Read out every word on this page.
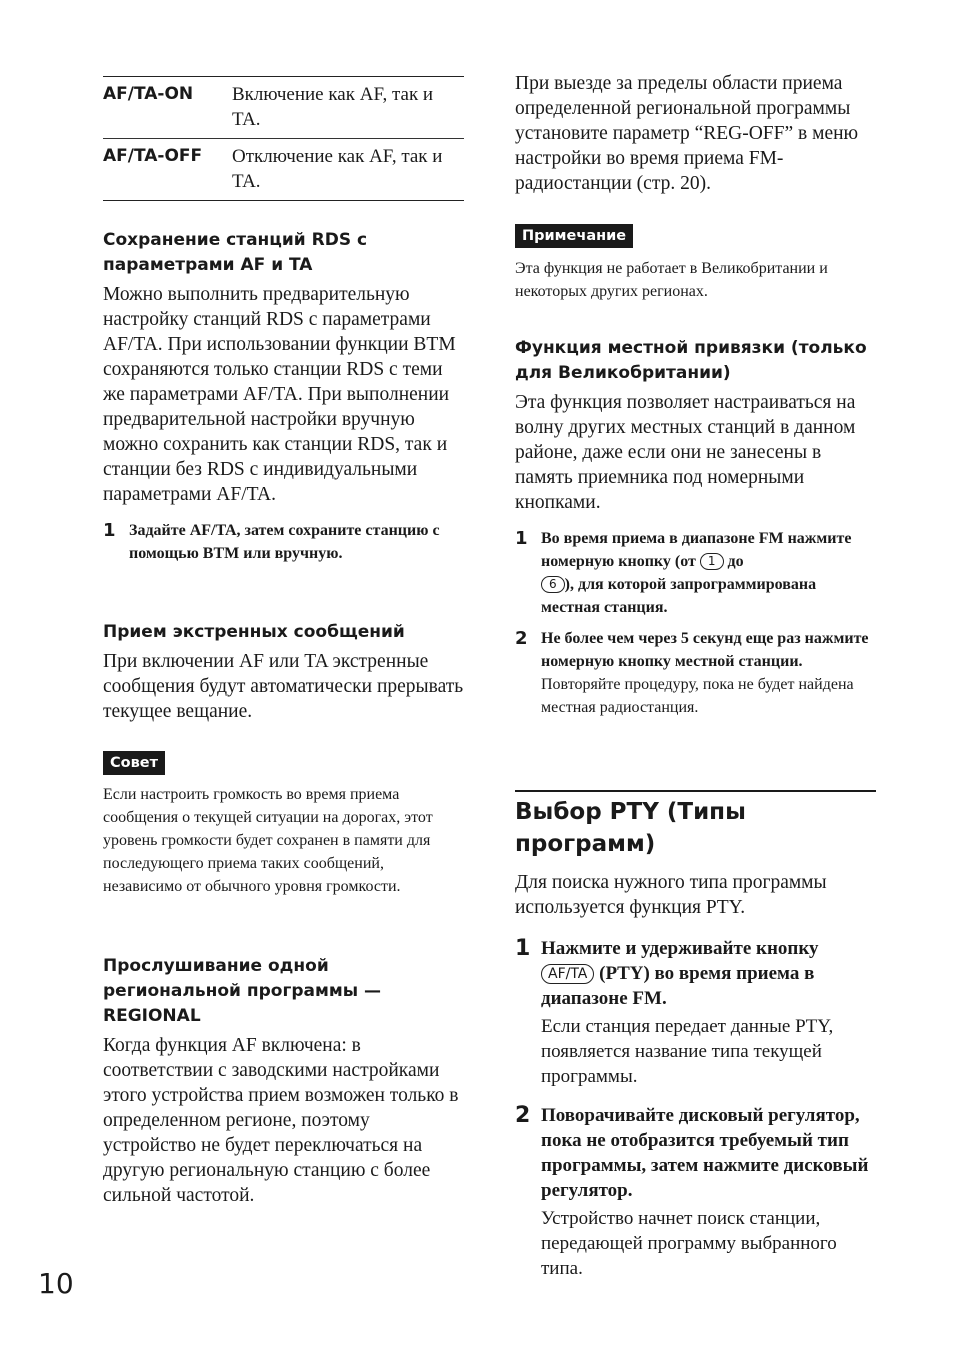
AF/TA-ON	Включение как AF, так и TA.
AF/TA-OFF	Отключение как AF, так и TA.

Сохранение станций RDS с параметрами AF и TA

Можно выполнить предварительную настройку станций RDS с параметрами AF/TA. При использовании функции BTM сохраняются только станции RDS с теми же параметрами AF/TA. При выполнении предварительной настройки вручную можно сохранить как станции RDS, так и станции без RDS с индивидуальными параметрами AF/TA.

1 Задайте AF/TA, затем сохраните станцию с помощью BTM или вручную.

Прием экстренных сообщений

При включении AF или TA экстренные сообщения будут автоматически прерывать текущее вещание.

Совет

Если настроить громкость во время приема сообщения о текущей ситуации на дорогах, этот уровень громкости будет сохранен в памяти для последующего приема таких сообщений, независимо от обычного уровня громкости.

Прослушивание одной региональной программы — REGIONAL

Когда функция AF включена: в соответствии с заводскими настройками этого устройства прием возможен только в определенном регионе, поэтому устройство не будет переключаться на другую региональную станцию с более сильной частотой.

При выезде за пределы области приема определенной региональной программы установите параметр “REG-OFF” в меню настройки во время приема FM-радиостанции (стр. 20).

Примечание

Эта функция не работает в Великобритании и некоторых других регионах.

Функция местной привязки (только для Великобритании)

Эта функция позволяет настраиваться на волну других местных станций в данном районе, даже если они не занесены в память приемника под номерными кнопками.

1 Во время приема в диапазоне FM нажмите номерную кнопку (от 1 до
6 ), для которой запрограммирована местная станция.
2 Не более чем через 5 секунд еще раз нажмите номерную кнопку местной станции.
Повторяйте процедуру, пока не будет найдена местная радиостанция.

Выбор PTY (Типы программ)

Для поиска нужного типа программы используется функция PTY.

1 Нажмите и удерживайте кнопку
AF/TA (PTY) во время приема в диапазоне FM.
Если станция передает данные PTY, появляется название типа текущей программы.
2 Поворачивайте дисковый регулятор, пока не отобразится требуемый тип программы, затем нажмите дисковый регулятор.
Устройство начнет поиск станции, передающей программу выбранного типа.
10
